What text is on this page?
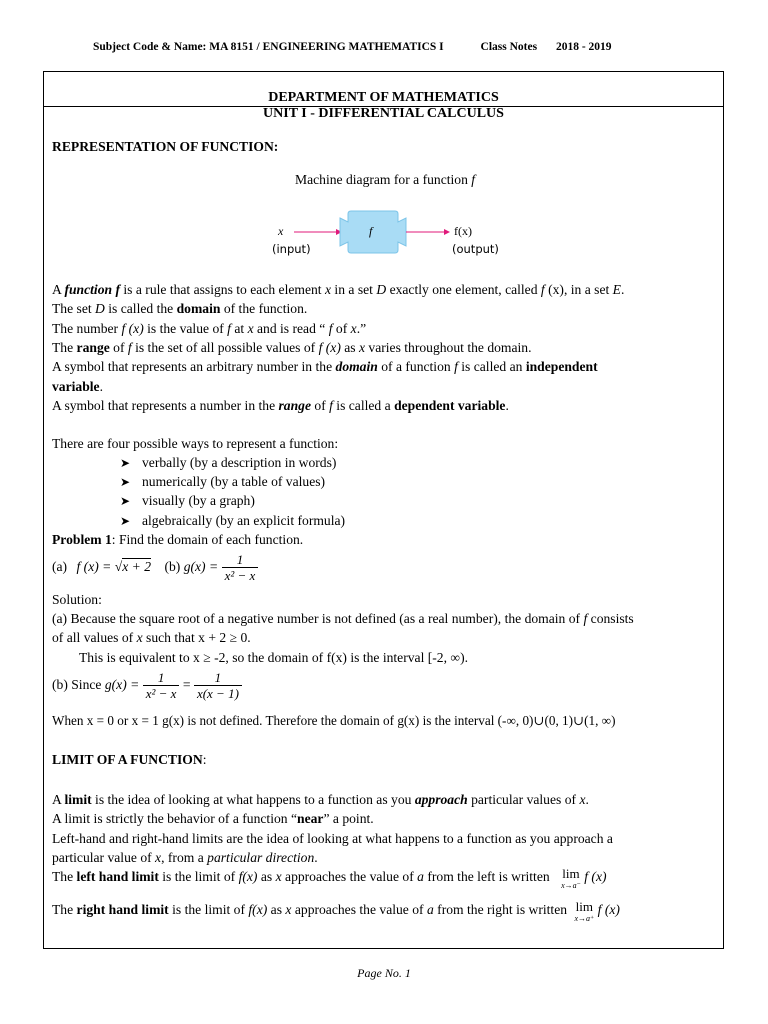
Subject Code & Name: MA 8151 / ENGINEERING MATHEMATICS I	Class Notes 2018 - 2019
DEPARTMENT OF MATHEMATICS
UNIT I - DIFFERENTIAL CALCULUS
REPRESENTATION OF FUNCTION:
Machine diagram for a function f
x
(input)
f	f(x)
(output)
A function f is a rule that assigns to each element x in a set D exactly one element, called f (x), in a set E.
The set D is called the domain of the function.
The number f (x) is the value of f at x and is read “ f of x.”
The range of f is the set of all possible values of f (x) as x varies throughout the domain.
A symbol that represents an arbitrary number in the domain of a function f is called an independent
variable.
A symbol that represents a number in the range of f is called a dependent variable.
There are four possible ways to represent a function:
➤ verbally (by a description in words)
➤ numerically (by a table of values)
➤ visually (by a graph)
➤ algebraically (by an explicit formula)
Problem 1: Find the domain of each function.
(a) f (x) = √x + 2 (b) $g(x) = \frac{1}{\text{x² − x}}$
Solution:
(a) Because the square root of a negative number is not defined (as a real number), the domain of f consists
of all values of x such that x + 2 ≥ 0.
This is equivalent to x ≥ -2, so the domain of f(x) is the interval [-2, ∞).
(b) Since $g(x) = \frac{1}{\text{x² − x}} = \frac{1}{x(x - 1)}$
When x = 0 or x = 1 g(x) is not defined. Therefore the domain of g(x) is the interval (-∞, 0)∪(0, 1)∪(1, ∞)
LIMIT OF A FUNCTION:
A limit is the idea of looking at what happens to a function as you approach particular values of x.
A limit is strictly the behavior of a function “near” a point.
Left-hand and right-hand limits are the idea of looking at what happens to a function as you approach a
particular value of x, from a particular direction.
The left hand limit is the limit of f(x) as x approaches the value of a from the left is written lim
x→a⁻
f (x)
The right hand limit is the limit of f(x) as x approaches the value of a from the right is written lim
x→a⁺
f (x)
Page No. 1
